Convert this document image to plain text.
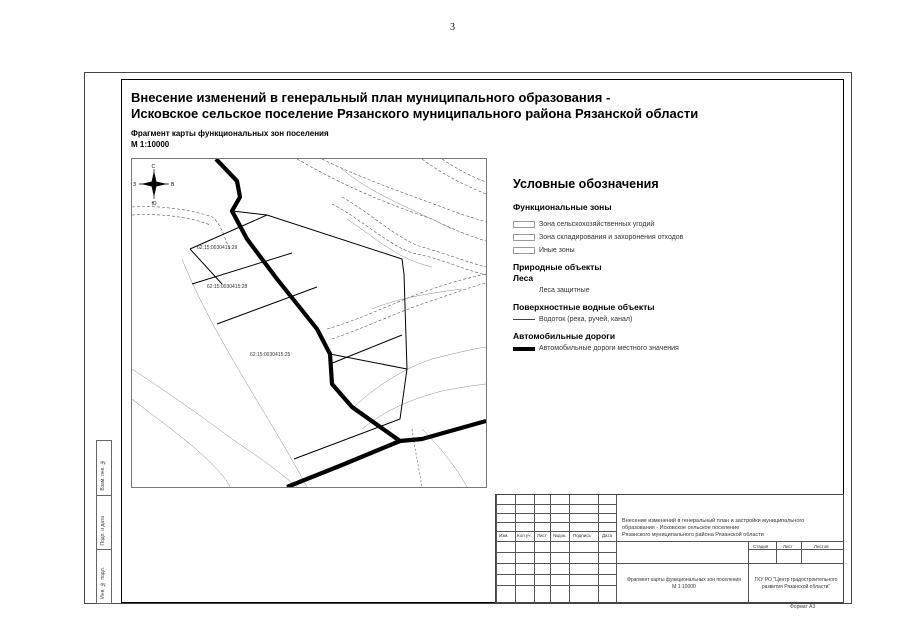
3
Внесение изменений в генеральный план муниципального образования -
Исковское сельское поселение Рязанского муниципального района Рязанской области
Фрагмент карты функциональных зон поселения
М 1:10000
С
Ю
З	В
62:15:0030415:29
62:15:0030415:28
62:15:0030415:25
Условные обозначения
Функциональные зоны
Зона сельскохозяйственных угодий
Зона складирования и захоронения отходов
Иные зоны
Природные объекты
Леса
Леса защитные
Поверхностные водные объекты
Водоток (река, ручей, канал)
Автомобильные дороги
Автомобильные дороги местного значения
Взам. инв. №
Подп. и дата
Инв. № подл.
Изм. Кол.уч. Лист №док. Подпись Дата
Внесение изменений в генеральный план и застройки муниципального
образования - Исковское сельское поселение
Рязанского муниципального района Рязанской области
Стадия	Лист	Листов
Фрагмент карты функциональных зон поселения
М 1:10000
ГКУ РО "Центр градостроительного
развития Рязанской области"
Формат А3
